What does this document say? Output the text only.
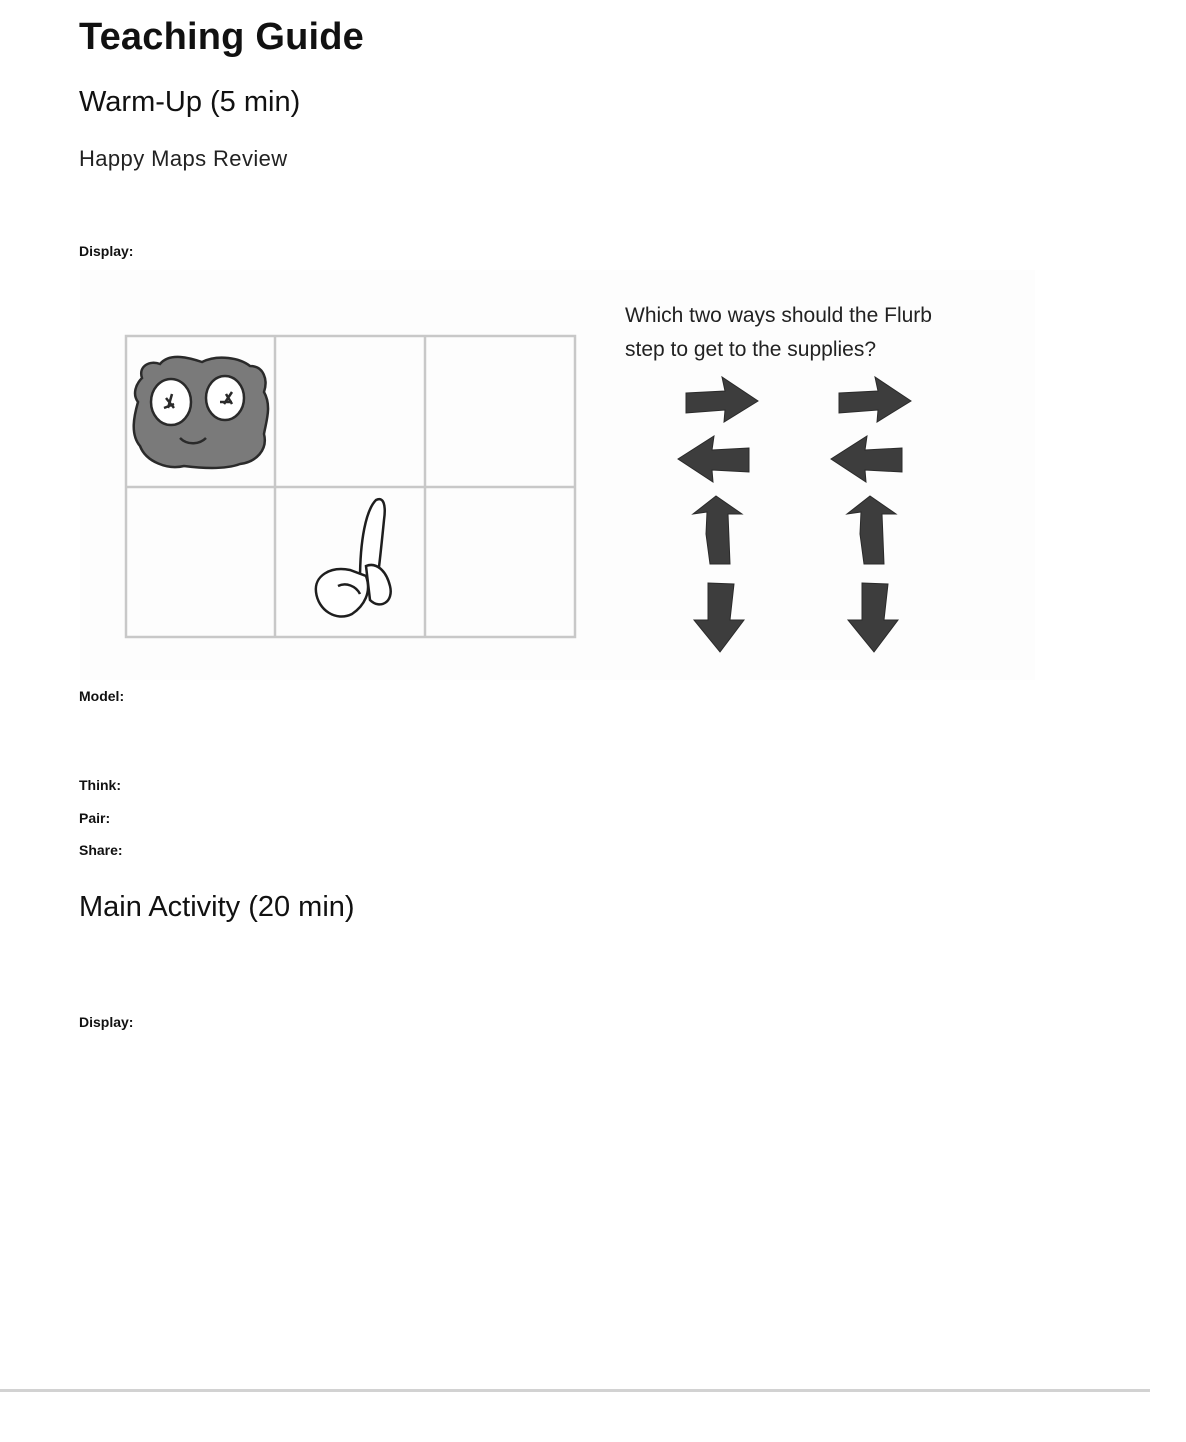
Teaching Guide
Warm-Up (5 min)
Happy Maps Review
Display:
Which two ways should the Flurb
step to get to the supplies?
Model:
Think:
Pair:
Share:
Main Activity (20 min)
Display:
